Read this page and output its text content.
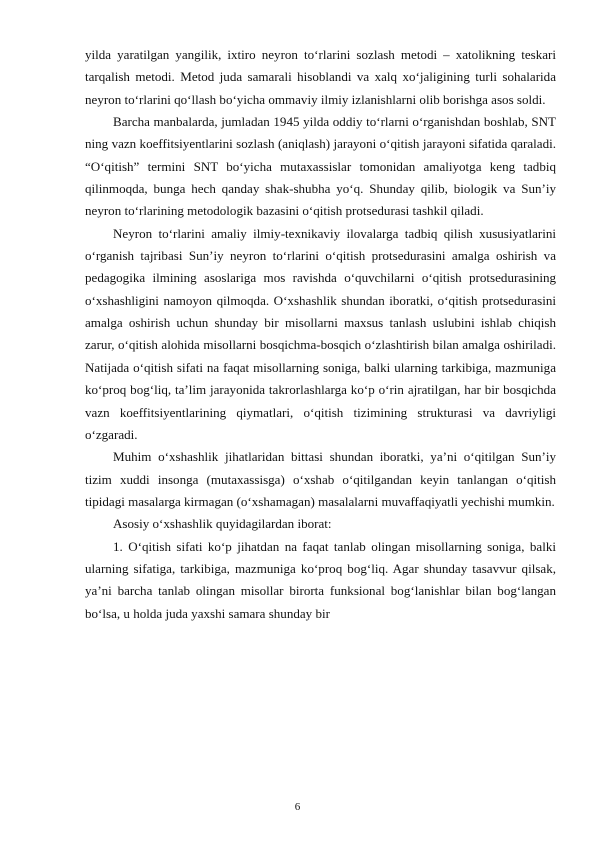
yilda yaratilgan yangilik, ixtiro neyron to‘rlarini sozlash metodi – xatolikning teskari tarqalish metodi. Metod juda samarali hisoblandi va xalq xo‘jaligining turli sohalarida neyron to‘rlarini qo‘llash bo‘yicha ommaviy ilmiy izlanishlarni olib borishga asos soldi.

Barcha manbalarda, jumladan 1945 yilda oddiy to‘rlarni o‘rganishdan boshlab, SNT ning vazn koeffitsiyentlarini sozlash (aniqlash) jarayoni o‘qitish jarayoni sifatida qaraladi. “O‘qitish” termini SNT bo‘yicha mutaxassislar tomonidan amaliyotga keng tadbiq qilinmoqda, bunga hech qanday shak-shubha yo‘q. Shunday qilib, biologik va Sun’iy neyron to‘rlarining metodologik bazasini o‘qitish protsedurasi tashkil qiladi.

Neyron to‘rlarini amaliy ilmiy-texnikaviy ilovalarga tadbiq qilish xususiyatlarini o‘rganish tajribasi Sun’iy neyron to‘rlarini o‘qitish protsedurasini amalga oshirish va pedagogika ilmining asoslariga mos ravishda o‘quvchilarni o‘qitish protsedurasining o‘xshashligini namoyon qilmoqda. O‘xshashlik shundan iboratki, o‘qitish protsedurasini amalga oshirish uchun shunday bir misollarni maxsus tanlash uslubini ishlab chiqish zarur, o‘qitish alohida misollarni bosqichma-bosqich o‘zlashtirish bilan amalga oshiriladi. Natijada o‘qitish sifati na faqat misollarning soniga, balki ularning tarkibiga, mazmuniga ko‘proq bog‘liq, ta’lim jarayonida takrorlashlarga ko‘p o‘rin ajratilgan, har bir bosqichda vazn koeffitsiyentlarining qiymatlari, o‘qitish tizimining strukturasi va davriyligi o‘zgaradi.

Muhim o‘xshashlik jihatlaridan bittasi shundan iboratki, ya’ni o‘qitilgan Sun’iy tizim xuddi insonga (mutaxassisga) o‘xshab o‘qitilgandan keyin tanlangan o‘qitish tipidagi masalarga kirmagan (o‘xshamagan) masalalarni muvaffaqiyatli yechishi mumkin.

Asosiy o‘xshashlik quyidagilardan iborat:

1. O‘qitish sifati ko‘p jihatdan na faqat tanlab olingan misollarning soniga, balki ularning sifatiga, tarkibiga, mazmuniga ko‘proq bog‘liq. Agar shunday tasavvur qilsak, ya’ni barcha tanlab olingan misollar birorta funksional bog‘lanishlar bilan bog‘langan bo‘lsa, u holda juda yaxshi samara shunday bir

6
